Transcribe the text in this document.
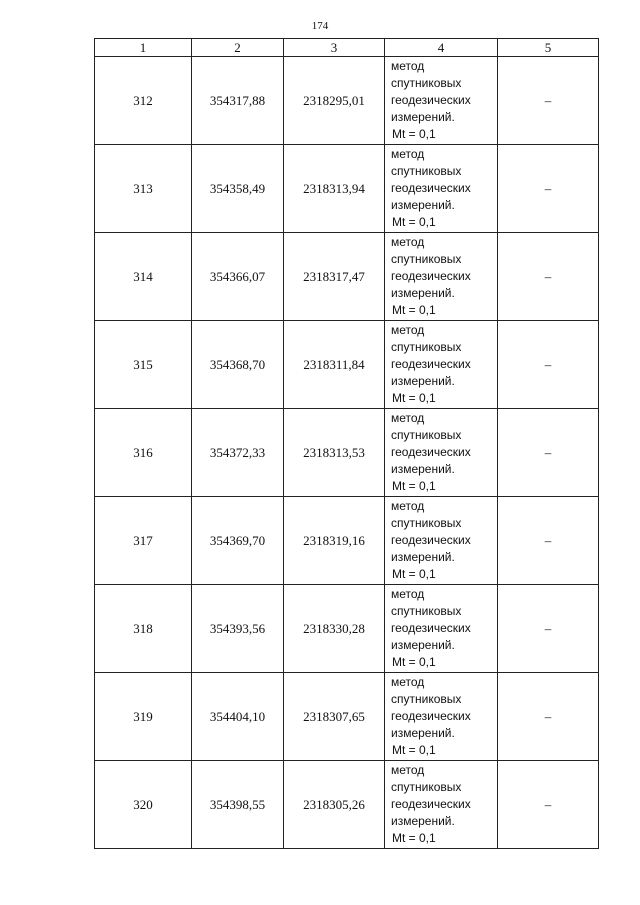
174
1	2	3	4	5
312	354317,88	2318295,01	метод
спутниковых
геодезических
измерений.
Mt = 0,1	–
313	354358,49	2318313,94	метод
спутниковых
геодезических
измерений.
Mt = 0,1	–
314	354366,07	2318317,47	метод
спутниковых
геодезических
измерений.
Mt = 0,1	–
315	354368,70	2318311,84	метод
спутниковых
геодезических
измерений.
Mt = 0,1	–
316	354372,33	2318313,53	метод
спутниковых
геодезических
измерений.
Mt = 0,1	–
317	354369,70	2318319,16	метод
спутниковых
геодезических
измерений.
Mt = 0,1	–
318	354393,56	2318330,28	метод
спутниковых
геодезических
измерений.
Mt = 0,1	–
319	354404,10	2318307,65	метод
спутниковых
геодезических
измерений.
Mt = 0,1	–
320	354398,55	2318305,26	метод
спутниковых
геодезических
измерений.
Mt = 0,1	–
